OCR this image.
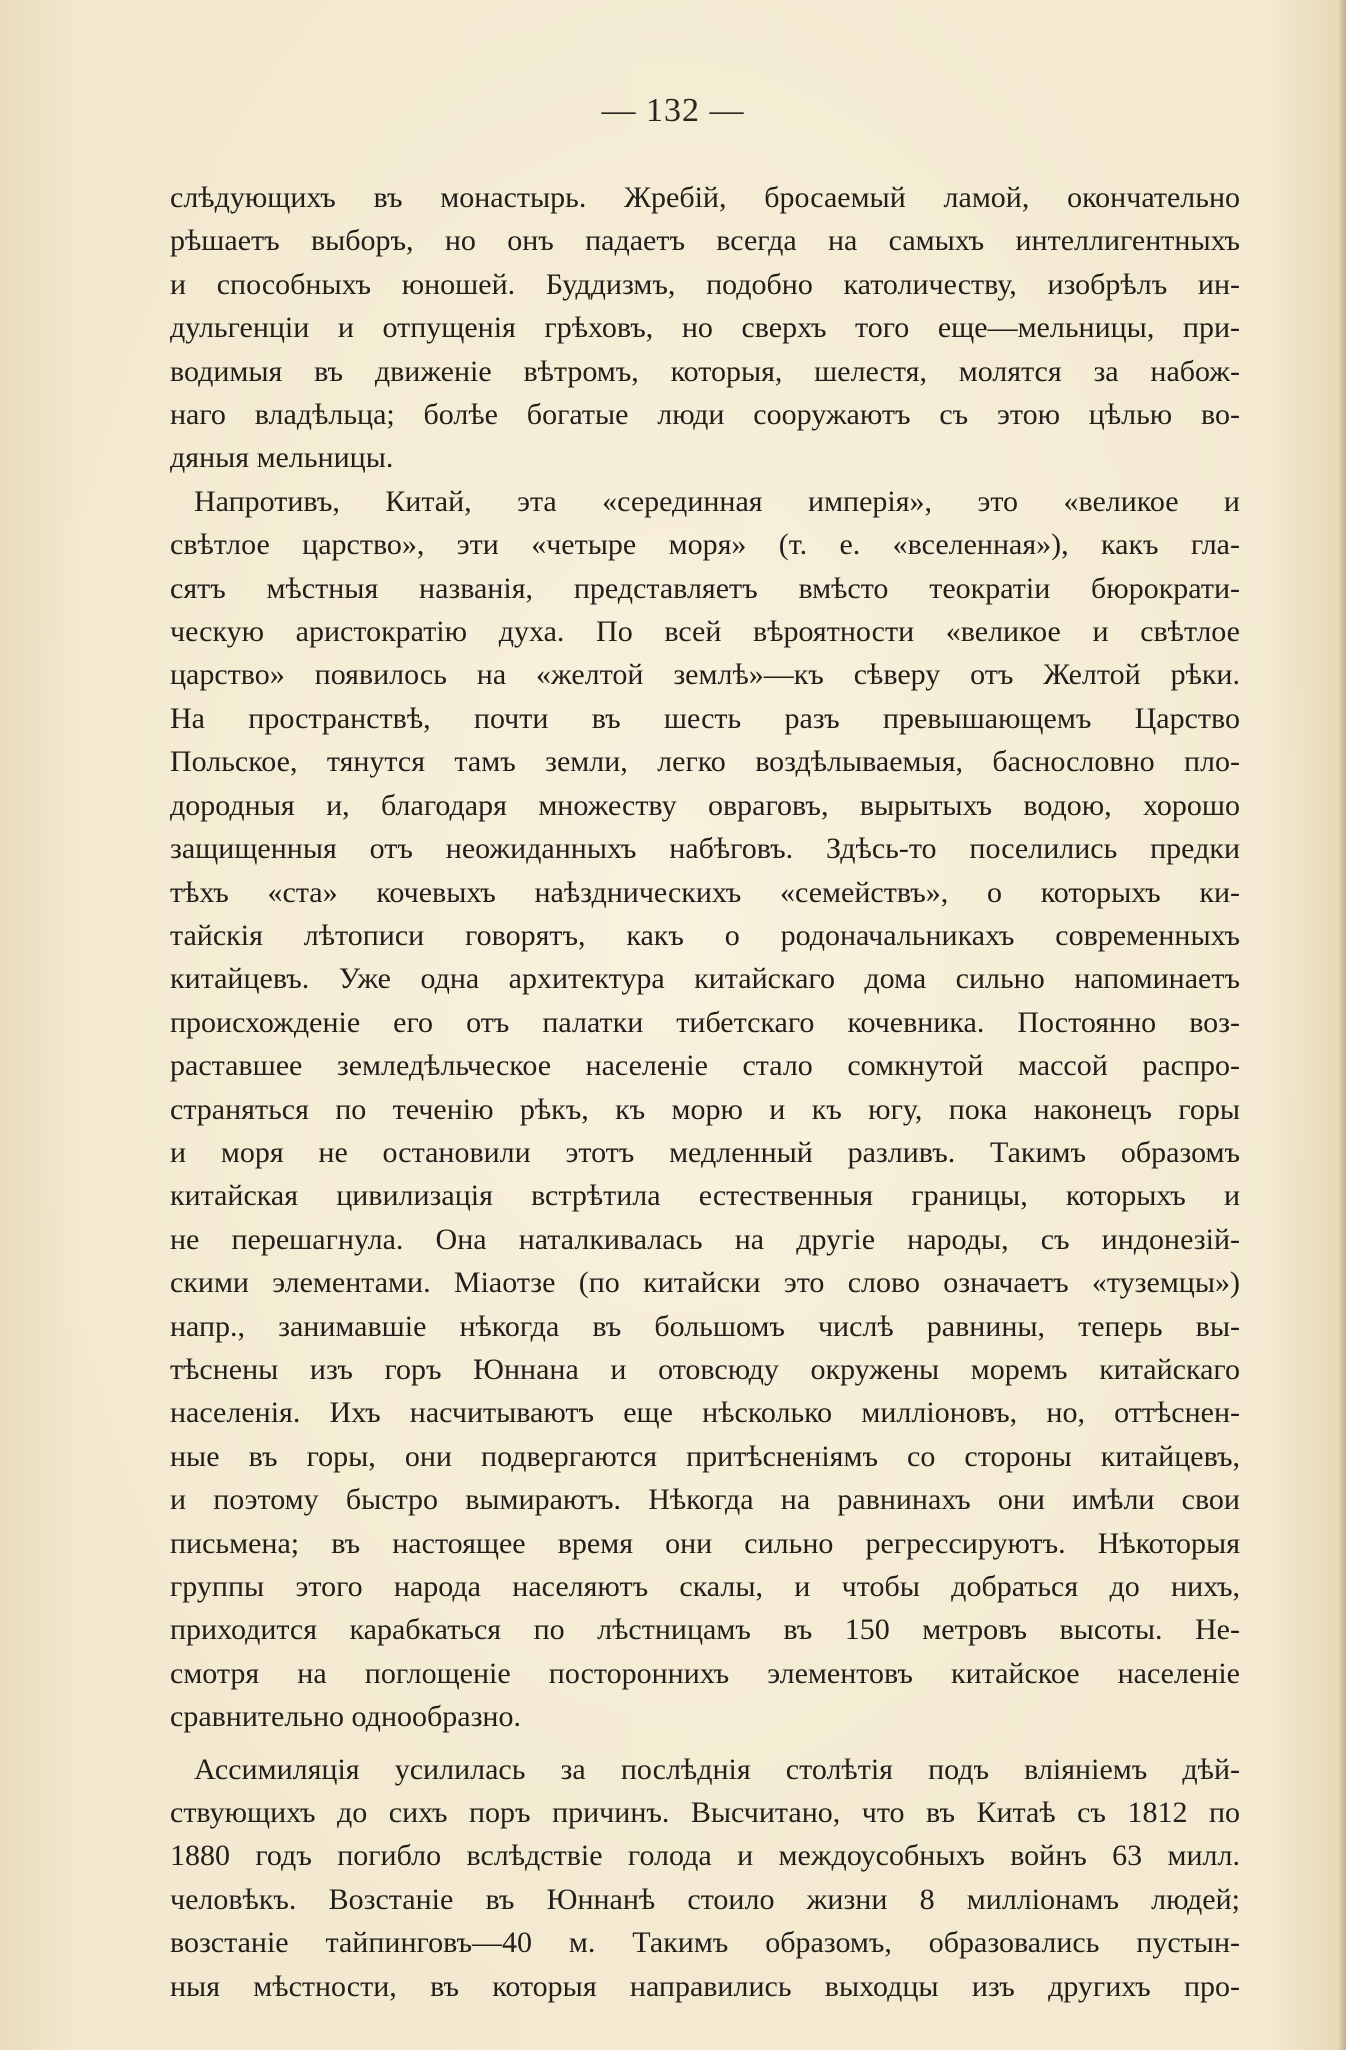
— 132 —

слѣдующихъ въ монастырь. Жребій, бросаемый ламой, окончательно

рѣшаетъ выборъ, но онъ падаетъ всегда на самыхъ интеллигентныхъ

и способныхъ юношей. Буддизмъ, подобно католичеству, изобрѣлъ ин-

дульгенціи и отпущенія грѣховъ, но сверхъ того еще—мельницы, при-

водимыя въ движеніе вѣтромъ, которыя, шелестя, молятся за набож-

наго владѣльца; болѣе богатые люди сооружаютъ съ этою цѣлью во-

дяныя мельницы.

Напротивъ, Китай, эта «серединная имперія», это «великое и

свѣтлое царство», эти «четыре моря» (т. е. «вселенная»), какъ гла-

сятъ мѣстныя названія, представляетъ вмѣсто теократіи бюрократи-

ческую аристократію духа. По всей вѣроятности «великое и свѣтлое

царство» появилось на «желтой землѣ»—къ сѣверу отъ Желтой рѣки.

На пространствѣ, почти въ шесть разъ превышающемъ Царство

Польское, тянутся тамъ земли, легко воздѣлываемыя, баснословно пло-

дородныя и, благодаря множеству овраговъ, вырытыхъ водою, хорошо

защищенныя отъ неожиданныхъ набѣговъ. Здѣсь-то поселились предки

тѣхъ «ста» кочевыхъ наѣздническихъ «семействъ», о которыхъ ки-

тайскія лѣтописи говорятъ, какъ о родоначальникахъ современныхъ

китайцевъ. Уже одна архитектура китайскаго дома сильно напоминаетъ

происхожденіе его отъ палатки тибетскаго кочевника. Постоянно воз-

раставшее земледѣльческое населеніе стало сомкнутой массой распро-

страняться по теченію рѣкъ, къ морю и къ югу, пока наконецъ горы

и моря не остановили этотъ медленный разливъ. Такимъ образомъ

китайская цивилизація встрѣтила естественныя границы, которыхъ и

не перешагнула. Она наталкивалась на другіе народы, съ индонезій-

скими элементами. Міаотзе (по китайски это слово означаетъ «туземцы»)

напр., занимавшіе нѣкогда въ большомъ числѣ равнины, теперь вы-

тѣснены изъ горъ Юннана и отовсюду окружены моремъ китайскаго

населенія. Ихъ насчитываютъ еще нѣсколько милліоновъ, но, оттѣснен-

ные въ горы, они подвергаются притѣсненіямъ со стороны китайцевъ,

и поэтому быстро вымираютъ. Нѣкогда на равнинахъ они имѣли свои

письмена; въ настоящее время они сильно регрессируютъ. Нѣкоторыя

группы этого народа населяютъ скалы, и чтобы добраться до нихъ,

приходится карабкаться по лѣстницамъ въ 150 метровъ высоты. Не-

смотря на поглощеніе постороннихъ элементовъ китайское населеніе

сравнительно однообразно.

Ассимиляція усилилась за послѣднія столѣтія подъ вліяніемъ дѣй-

ствующихъ до сихъ поръ причинъ. Высчитано, что въ Китаѣ съ 1812 по

1880 годъ погибло вслѣдствіе голода и междоусобныхъ войнъ 63 милл.

человѣкъ. Возстаніе въ Юннанѣ стоило жизни 8 милліонамъ людей;

возстаніе тайпинговъ—40 м. Такимъ образомъ, образовались пустын-

ныя мѣстности, въ которыя направились выходцы изъ другихъ про-
